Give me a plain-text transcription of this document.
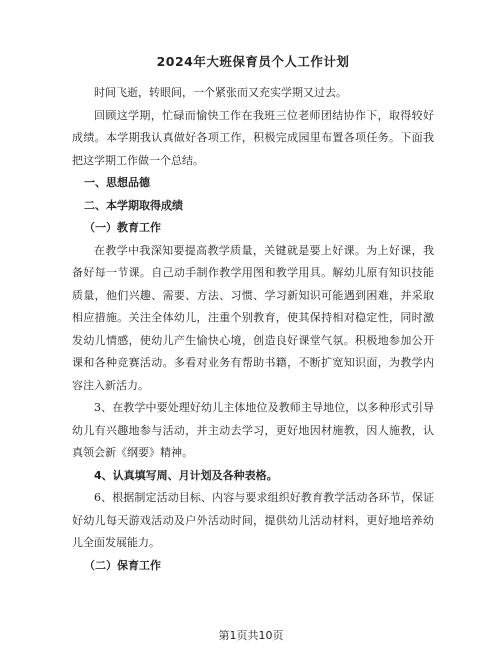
2024年大班保育员个人工作计划

时间飞逝，转眼间，一个紧张而又充实学期又过去。

回顾这学期，忙碌而愉快工作在我班三位老师团结协作下，取得较好成绩。本学期我认真做好各项工作，积极完成园里布置各项任务。下面我把这学期工作做一个总结。

一、思想品德
二、本学期取得成绩
（一）教育工作

在教学中我深知要提高教学质量，关键就是要上好课。为上好课，我备好每一节课。自己动手制作教学用图和教学用具。解幼儿原有知识技能质量，他们兴趣、需要、方法、习惯、学习新知识可能遇到困难，并采取相应措施。关注全体幼儿，注重个别教育，使其保持相对稳定性，同时激发幼儿情感，使幼儿产生愉快心境，创造良好课堂气氛。积极地参加公开课和各种竞赛活动。多看对业务有帮助书籍，不断扩宽知识面，为教学内容注入新活力。

3、在教学中要处理好幼儿主体地位及教师主导地位，以多种形式引导幼儿有兴趣地参与活动，并主动去学习，更好地因材施教，因人施教，认真领会新《纲要》精神。

4、认真填写周、月计划及各种表格。

6、根据制定活动目标、内容与要求组织好教育教学活动各环节，保证好幼儿每天游戏活动及户外活动时间，提供幼儿活动材料，更好地培养幼儿全面发展能力。

（二）保育工作
第1页共10页
